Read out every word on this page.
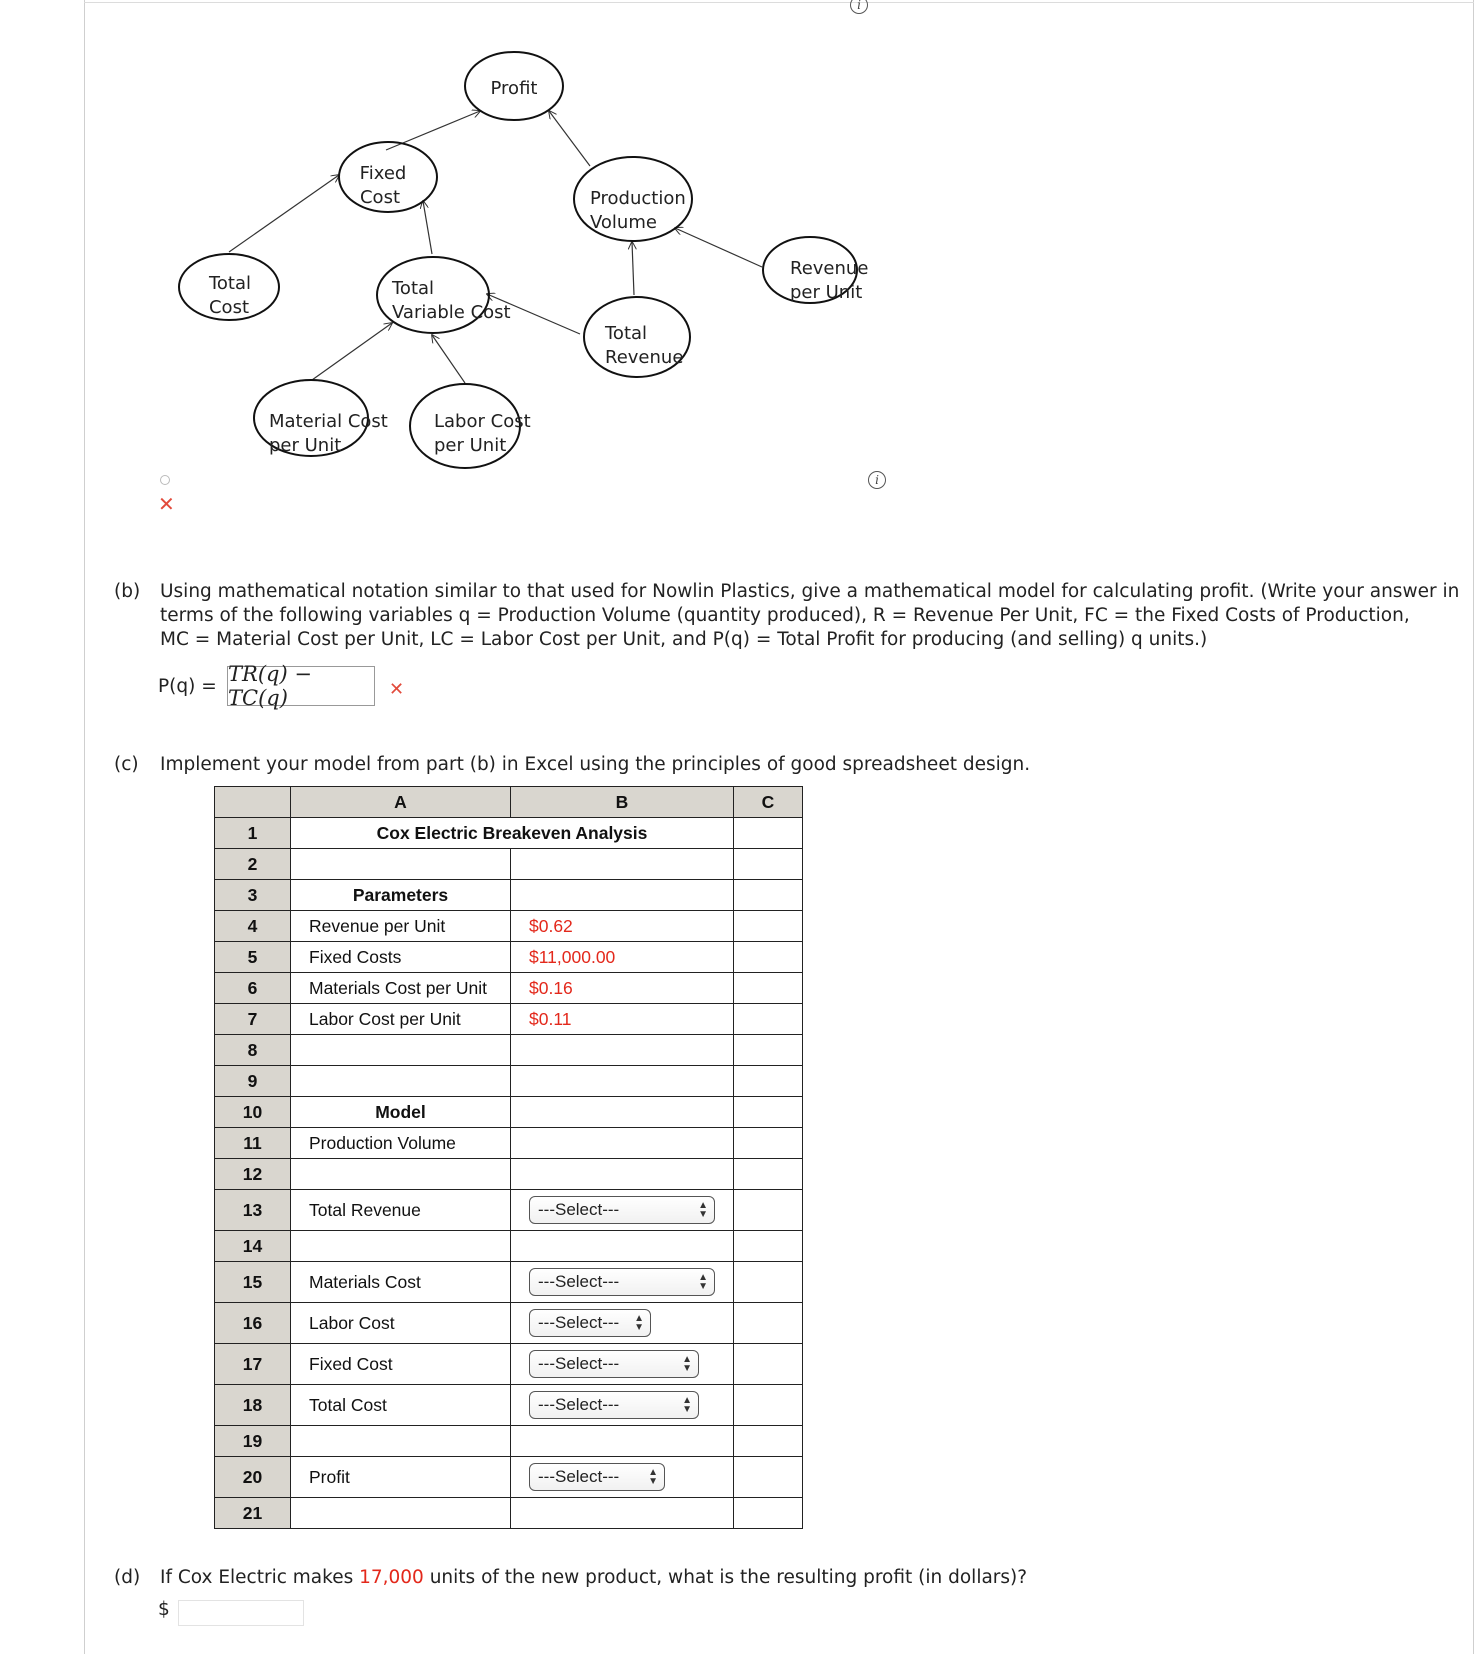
i
Profit
Fixed
Cost	Production
Volume
Total
Cost
Total
Variable Cost
Revenue
per Unit
Total
Revenue
Material Cost
per Unit
Labor Cost
per Unit
✕
i
(b) Using mathematical notation similar to that used for Nowlin Plastics, give a mathematical model for calculating profit. (Write your answer in
terms of the following variables q = Production Volume (quantity produced), R = Revenue Per Unit, FC = the Fixed Costs of Production,
MC = Material Cost per Unit, LC = Labor Cost per Unit, and P(q) = Total Profit for producing (and selling) q units.)
P(q) =
TR(q) − TC(q)	✕
(c) Implement your model from part (b) in Excel using the principles of good spreadsheet design.
	A	B	C
1	Cox Electric Breakeven Analysis		
2			
3	Parameters		
4	Revenue per Unit	$0.62	
5	Fixed Costs	$11,000.00	
6	Materials Cost per Unit	$0.16	
7	Labor Cost per Unit	$0.11	
8			
9			
10	Model		
11	Production Volume		
12			
13	Total Revenue	---Select--- ▲
▼	

14			
15	Materials Cost	---Select--- ▲
▼	

16	Labor Cost	---Select--- ▲
▼	

17	Fixed Cost	---Select--- ▲
▼	

18	Total Cost	---Select--- ▲
▼	

19			
20	Profit	---Select--- ▲
▼	

21			
(d) If Cox Electric makes 17,000 units of the new product, what is the resulting profit (in dollars)?
$
